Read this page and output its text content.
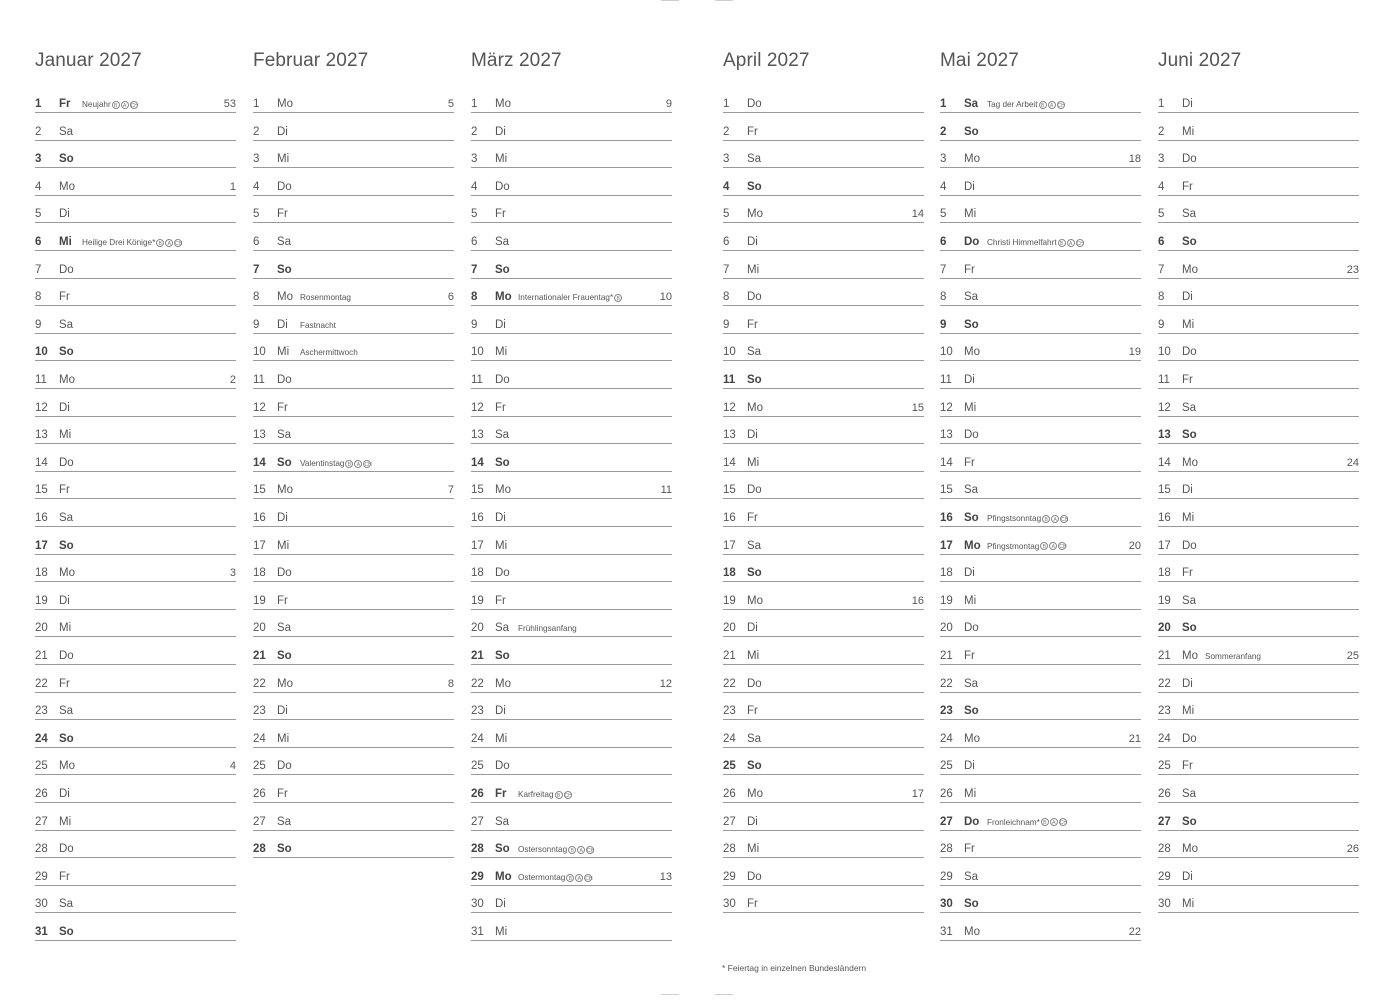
Januar 2027
1 Fr Neujahr B A CH	53
2 Sa
3 So
4 Mo	1
5 Di
6 Mi Heilige Drei Könige* B A CH
7 Do
8 Fr
9 Sa
10 So
11 Mo	2
12 Di
13 Mi
14 Do
15 Fr
16 Sa
17 So
18 Mo	3
19 Di
20 Mi
21 Do
22 Fr
23 Sa
24 So
25 Mo	4
26 Di
27 Mi
28 Do
29 Fr
30 Sa
31 So
Februar 2027
1 Mo	5
2 Di
3 Mi
4 Do
5 Fr
6 Sa
7 So
8 Mo Rosenmontag	6
9 Di Fastnacht
10 Mi Aschermittwoch
11 Do
12 Fr
13 Sa
14 So Valentinstag B A CH
15 Mo	7
16 Di
17 Mi
18 Do
19 Fr
20 Sa
21 So
22 Mo	8
23 Di
24 Mi
25 Do
26 Fr
27 Sa
28 So
März 2027
1 Mo	9
2 Di
3 Mi
4 Do
5 Fr
6 Sa
7 So
8 Mo Internationaler Frauentag* B	10
9 Di
10 Mi
11 Do
12 Fr
13 Sa
14 So
15 Mo	11
16 Di
17 Mi
18 Do
19 Fr
20 Sa Frühlingsanfang
21 So
22 Mo	12
23 Di
24 Mi
25 Do
26 Fr Karfreitag B CH
27 Sa
28 So Ostersonntag B A CH
29 Mo Ostermontag B A CH	13
30 Di
31 Mi
April 2027
1 Do
2 Fr
3 Sa
4 So
5 Mo	14
6 Di
7 Mi
8 Do
9 Fr
10 Sa
11 So
12 Mo	15
13 Di
14 Mi
15 Do
16 Fr
17 Sa
18 So
19 Mo	16
20 Di
21 Mi
22 Do
23 Fr
24 Sa
25 So
26 Mo	17
27 Di
28 Mi
29 Do
30 Fr
Mai 2027
1 Sa Tag der Arbeit B A CH
2 So
3 Mo	18
4 Di
5 Mi
6 Do Christi Himmelfahrt B A CH
7 Fr
8 Sa
9 So
10 Mo	19
11 Di
12 Mi
13 Do
14 Fr
15 Sa
16 So Pfingstsonntag B A CH
17 Mo Pfingstmontag B A CH	20
18 Di
19 Mi
20 Do
21 Fr
22 Sa
23 So
24 Mo	21
25 Di
26 Mi
27 Do Fronleichnam* B A CH
28 Fr
29 Sa
30 So
31 Mo	22
Juni 2027
1 Di
2 Mi
3 Do
4 Fr
5 Sa
6 So
7 Mo	23
8 Di
9 Mi
10 Do
11 Fr
12 Sa
13 So
14 Mo	24
15 Di
16 Mi
17 Do
18 Fr
19 Sa
20 So
21 Mo Sommeranfang	25
22 Di
23 Mi
24 Do
25 Fr
26 Sa
27 So
28 Mo	26
29 Di
30 Mi
* Feiertag in einzelnen Bundesländern
